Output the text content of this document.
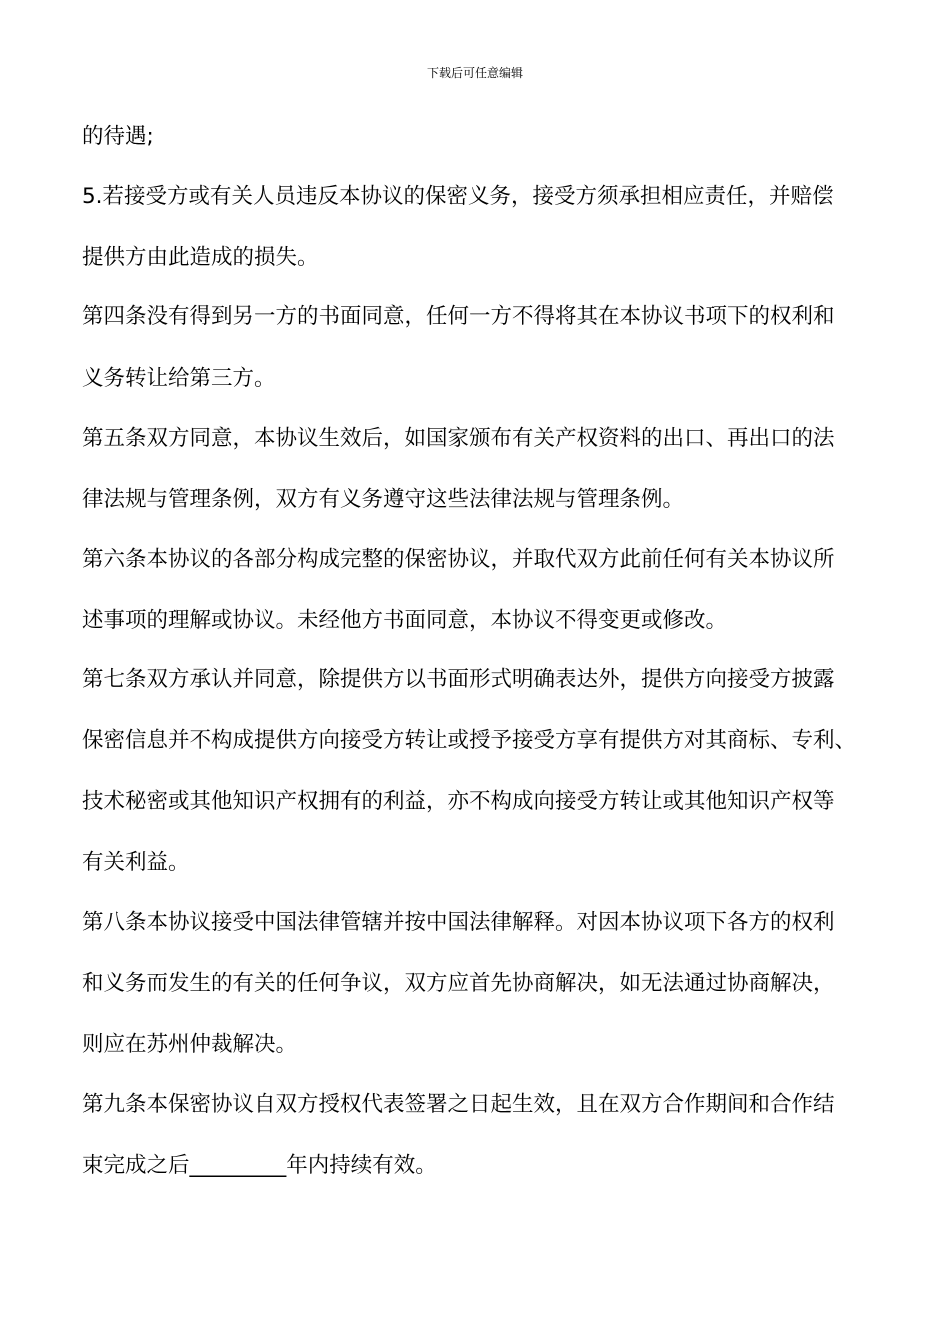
下载后可任意编辑
的待遇;
5.若接受方或有关人员违反本协议的保密义务，接受方须承担相应责任，并赔偿
提供方由此造成的损失。
第四条没有得到另一方的书面同意，任何一方不得将其在本协议书项下的权利和
义务转让给第三方。
第五条双方同意，本协议生效后，如国家颁布有关产权资料的出口、再出口的法
律法规与管理条例，双方有义务遵守这些法律法规与管理条例。
第六条本协议的各部分构成完整的保密协议，并取代双方此前任何有关本协议所
述事项的理解或协议。未经他方书面同意，本协议不得变更或修改。
第七条双方承认并同意，除提供方以书面形式明确表达外，提供方向接受方披露
保密信息并不构成提供方向接受方转让或授予接受方享有提供方对其商标、专利、
技术秘密或其他知识产权拥有的利益，亦不构成向接受方转让或其他知识产权等
有关利益。
第八条本协议接受中国法律管辖并按中国法律解释。对因本协议项下各方的权利
和义务而发生的有关的任何争议，双方应首先协商解决，如无法通过协商解决，
则应在苏州仲裁解决。
第九条本保密协议自双方授权代表签署之日起生效，且在双方合作期间和合作结
束完成之后_________年内持续有效。
